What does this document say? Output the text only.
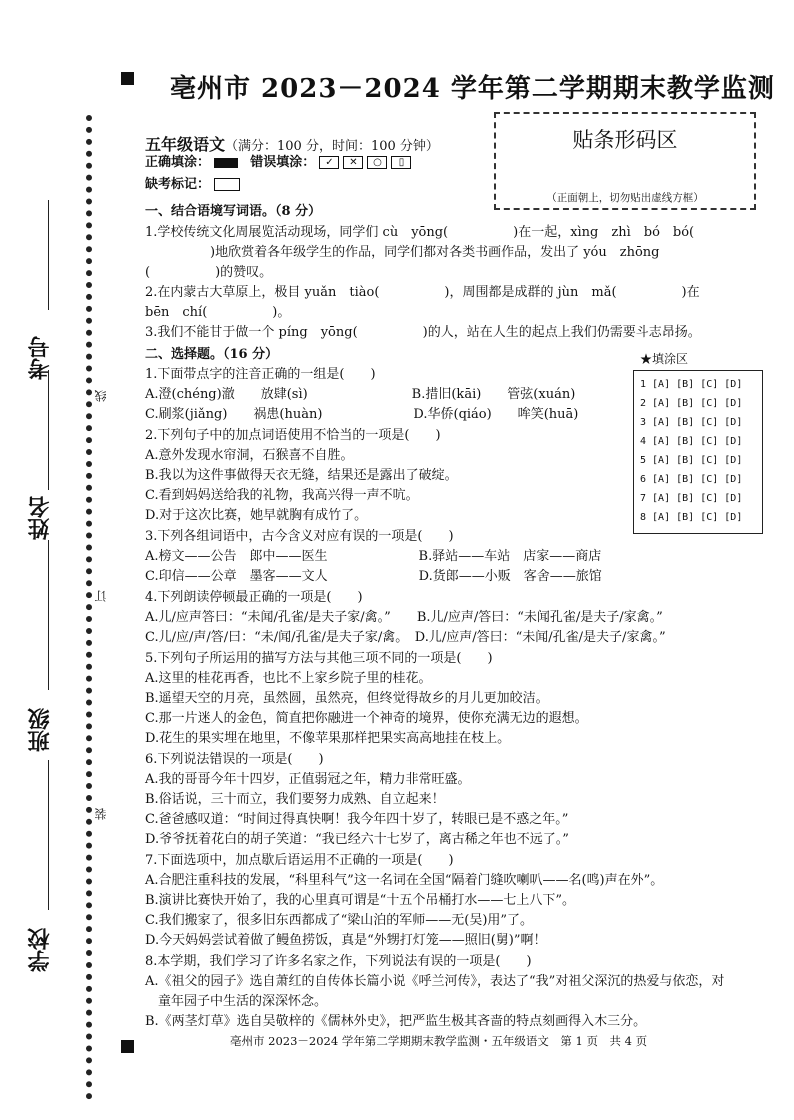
亳州市 2023－2024 学年第二学期期末教学监测
考号
姓名
班级
学校
线
订
装
贴条形码区
（正面朝上，切勿贴出虚线方框）
五年级语文（满分：100 分，时间：100 分钟）
正确填涂：	错误填涂： ✓ ✕ ○ ▯
缺考标记：
一、结合语境写词语。（8 分）
1.学校传统文化周展览活动现场，同学们 cù　yōng(　　　　　)在一起，xìng　zhì　bó　bó(
　　　　　)地欣赏着各年级学生的作品，同学们都对各类书画作品，发出了 yóu　zhōng
(　　　　　)的赞叹。
2.在内蒙古大草原上，极目 yuǎn　tiào(　　　　　)，周围都是成群的 jùn　mǎ(　　　　　)在
bēn　chí(　　　　　)。
3.我们不能甘于做一个 píng　yōng(　　　　　)的人，站在人生的起点上我们仍需要斗志昂扬。
二、选择题。（16 分）
1.下面带点字的注音正确的一组是(　　)
A.澄(chéng)澈　　放肆(sì)　　　　　　　　B.措旧(kāi)　　管弦(xuán)
C.刷浆(jiǎng)　　祸患(huàn)　　　　　　　D.华侨(qiáo)　　哞笑(huā)
2.下列句子中的加点词语使用不恰当的一项是(　　)
A.意外发现水帘洞，石猴喜不自胜。
B.我以为这件事做得天衣无缝，结果还是露出了破绽。
C.看到妈妈送给我的礼物，我高兴得一声不吭。
D.对于这次比赛，她早就胸有成竹了。
3.下列各组词语中，古今含义对应有误的一项是(　　)
A.榜文——公告　郎中——医生　　　　　　　B.驿站——车站　店家——商店
C.印信——公章　墨客——文人　　　　　　　D.货郎——小贩　客舍——旅馆
4.下列朗读停顿最正确的一项是(　　)
A.儿/应声答曰：“未闻/孔雀/是夫子家/禽。”　　B.儿/应声/答曰：“未闻孔雀/是夫子/家禽。”
C.儿/应/声/答/曰：“未/闻/孔雀/是夫子家/禽。　D.儿/应声/答曰：“未闻/孔雀/是夫子/家禽。”
5.下列句子所运用的描写方法与其他三项不同的一项是(　　)
A.这里的桂花再香，也比不上家乡院子里的桂花。
B.遥望天空的月亮，虽然圆，虽然亮，但终觉得故乡的月儿更加皎洁。
C.那一片迷人的金色，简直把你融进一个神奇的境界，使你充满无边的遐想。
D.花生的果实埋在地里，不像苹果那样把果实高高地挂在枝上。
6.下列说法错误的一项是(　　)
A.我的哥哥今年十四岁，正值弱冠之年，精力非常旺盛。
B.俗话说，三十而立，我们要努力成熟、自立起来！
C.爸爸感叹道：“时间过得真快啊！我今年四十岁了，转眼已是不惑之年。”
D.爷爷抚着花白的胡子笑道：“我已经六十七岁了，离古稀之年也不远了。”
7.下面选项中，加点歇后语运用不正确的一项是(　　)
A.合肥注重科技的发展，“科里科气”这一名词在全国“隔着门缝吹喇叭——名(鸣)声在外”。
B.演讲比赛快开始了，我的心里真可谓是“十五个吊桶打水——七上八下”。
C.我们搬家了，很多旧东西都成了“梁山泊的军师——无(吴)用”了。
D.今天妈妈尝试着做了鳗鱼捞饭，真是“外甥打灯笼——照旧(舅)”啊！
8.本学期，我们学习了许多名家之作，下列说法有误的一项是(　　)
A.《祖父的园子》选自萧红的自传体长篇小说《呼兰河传》，表达了“我”对祖父深沉的热爱与依恋，对
　童年园子中生活的深深怀念。
B.《两茎灯草》选自吴敬梓的《儒林外史》，把严监生极其吝啬的特点刻画得入木三分。
★填涂区
1 [A] [B] [C] [D]
2 [A] [B] [C] [D]
3 [A] [B] [C] [D]
4 [A] [B] [C] [D]
5 [A] [B] [C] [D]
6 [A] [B] [C] [D]
7 [A] [B] [C] [D]
8 [A] [B] [C] [D]
亳州市 2023－2024 学年第二学期期末教学监测・五年级语文　第 1 页　共 4 页
